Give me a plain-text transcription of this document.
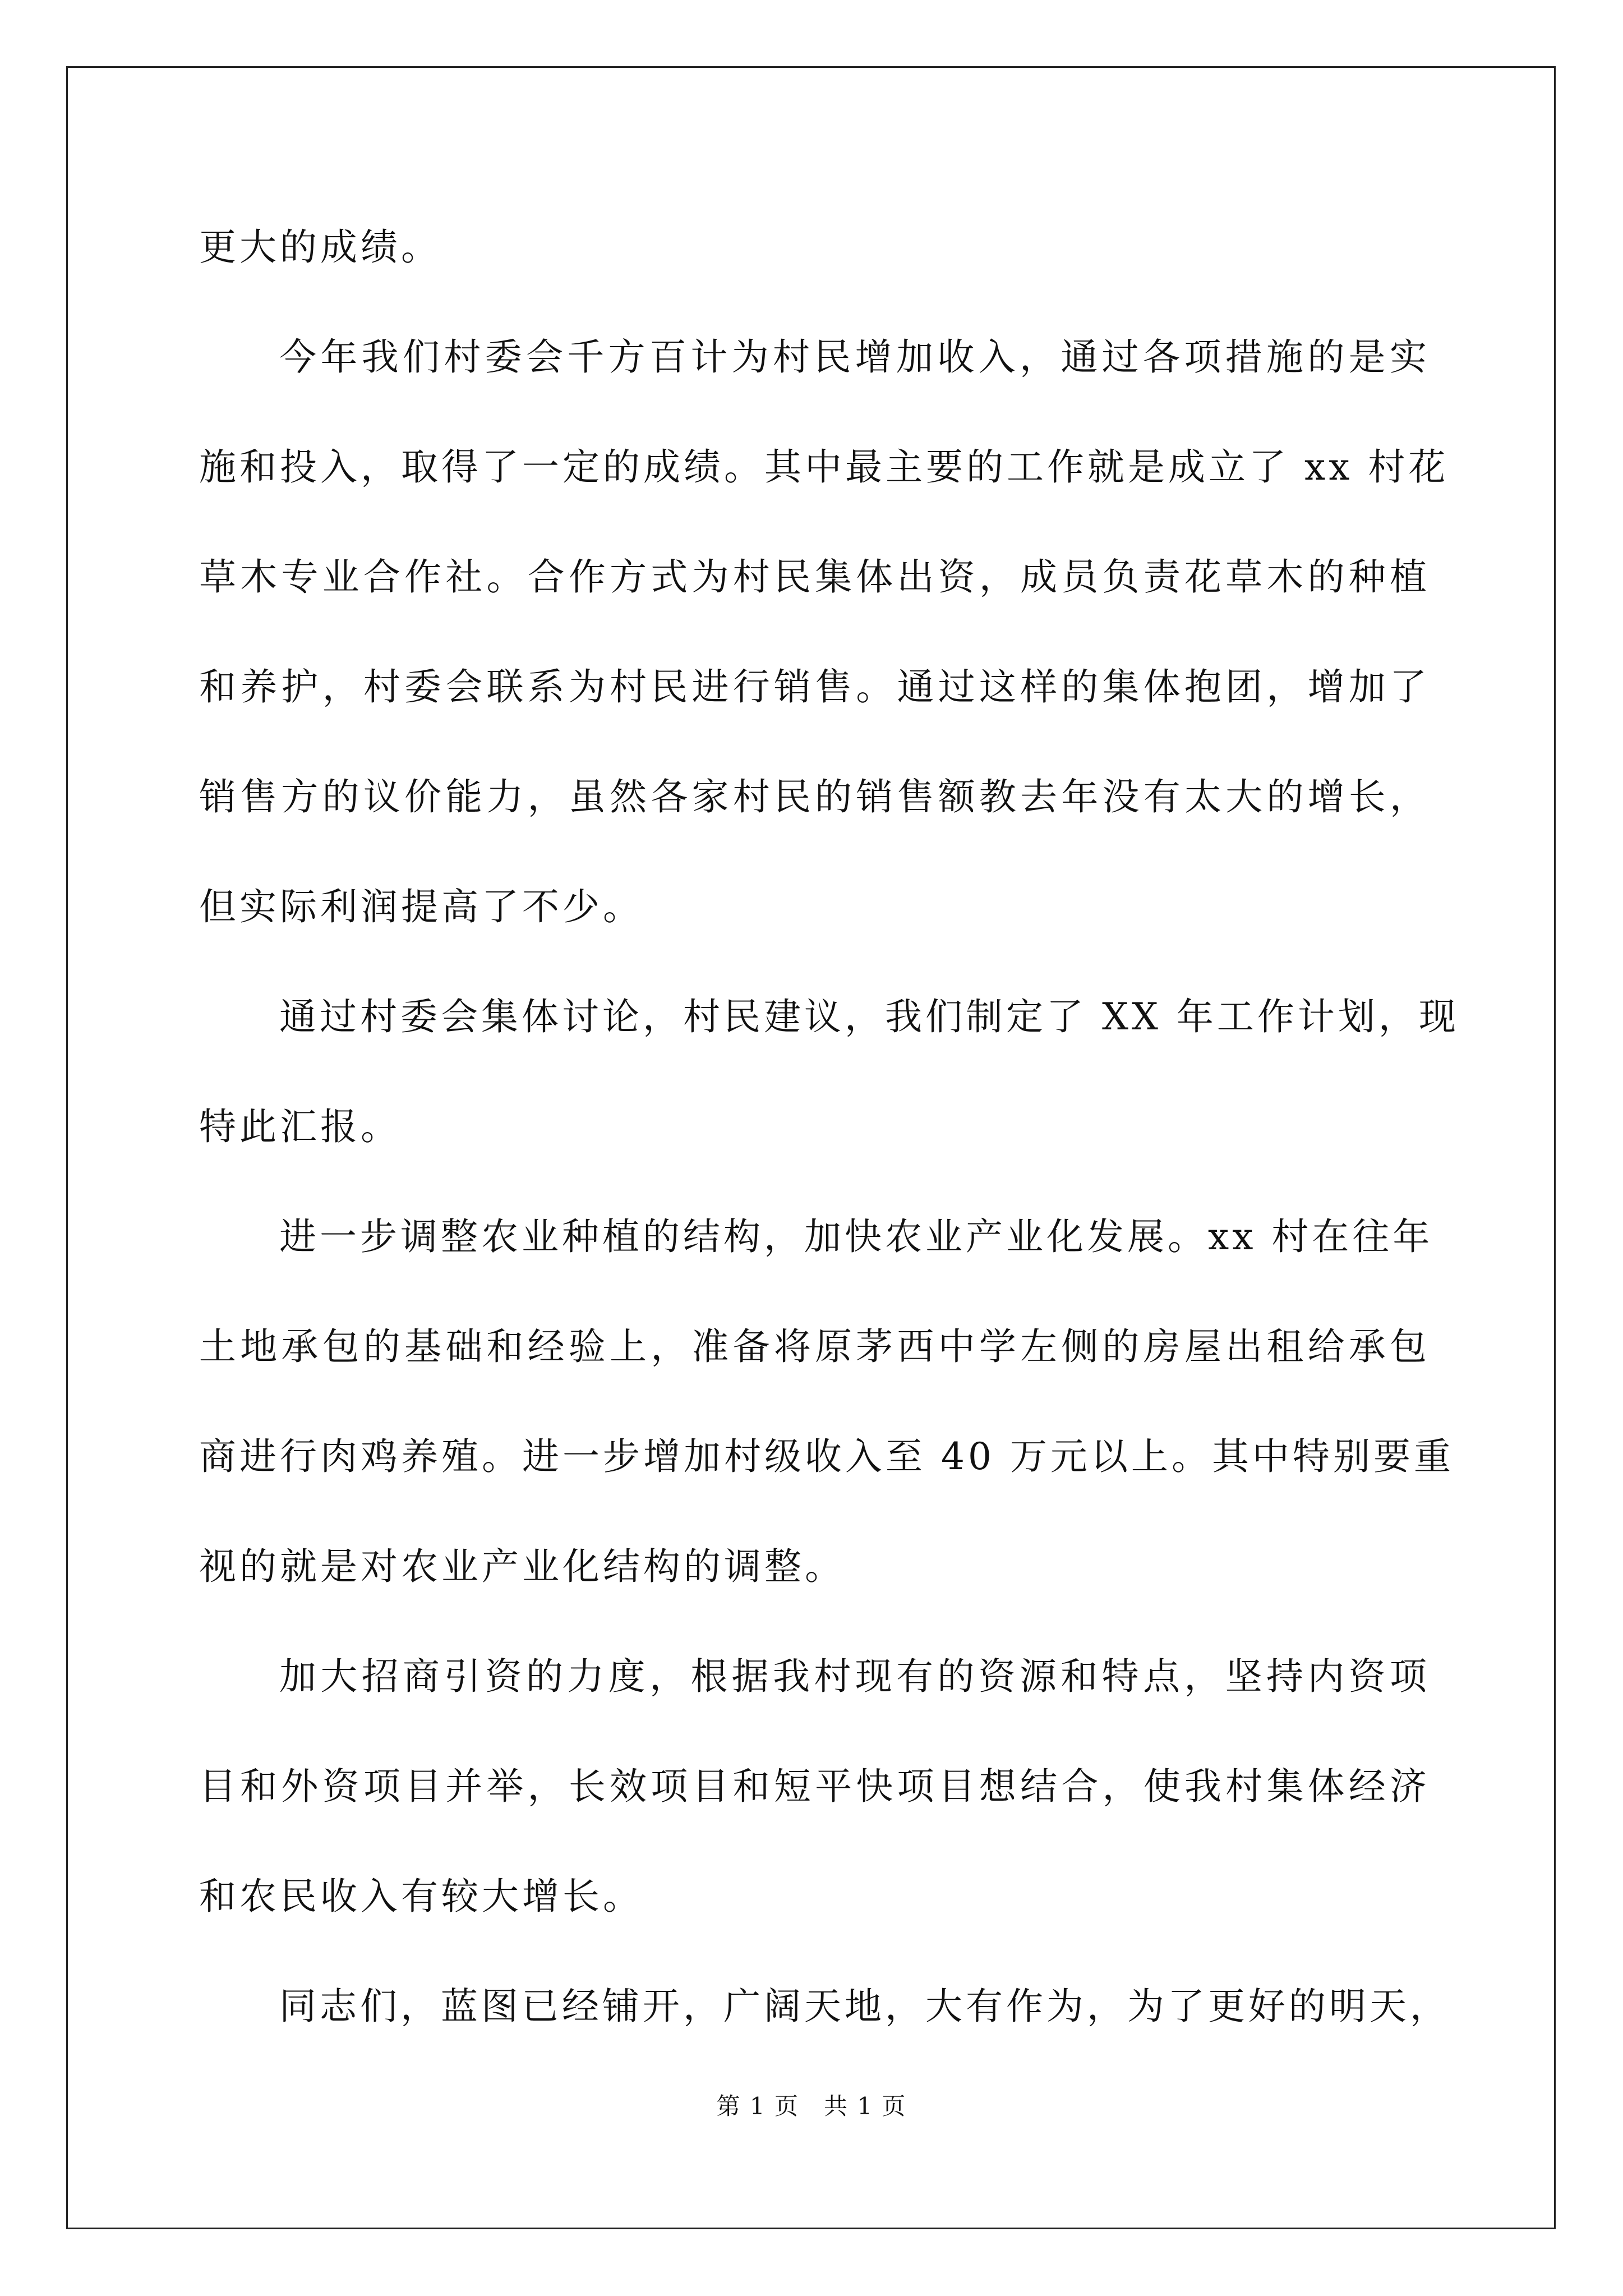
更大的成绩。
今年我们村委会千方百计为村民增加收入，通过各项措施的是实
施和投入，取得了一定的成绩。其中最主要的工作就是成立了 xx 村花
草木专业合作社。合作方式为村民集体出资，成员负责花草木的种植
和养护，村委会联系为村民进行销售。通过这样的集体抱团，增加了
销售方的议价能力，虽然各家村民的销售额教去年没有太大的增长，
但实际利润提高了不少。
通过村委会集体讨论，村民建议，我们制定了 XX 年工作计划，现
特此汇报。
进一步调整农业种植的结构，加快农业产业化发展。xx 村在往年
土地承包的基础和经验上，准备将原茅西中学左侧的房屋出租给承包
商进行肉鸡养殖。进一步增加村级收入至 40 万元以上。其中特别要重
视的就是对农业产业化结构的调整。
加大招商引资的力度，根据我村现有的资源和特点，坚持内资项
目和外资项目并举，长效项目和短平快项目想结合，使我村集体经济
和农民收入有较大增长。
同志们，蓝图已经铺开，广阔天地，大有作为，为了更好的明天，
第 1 页　共 1 页
